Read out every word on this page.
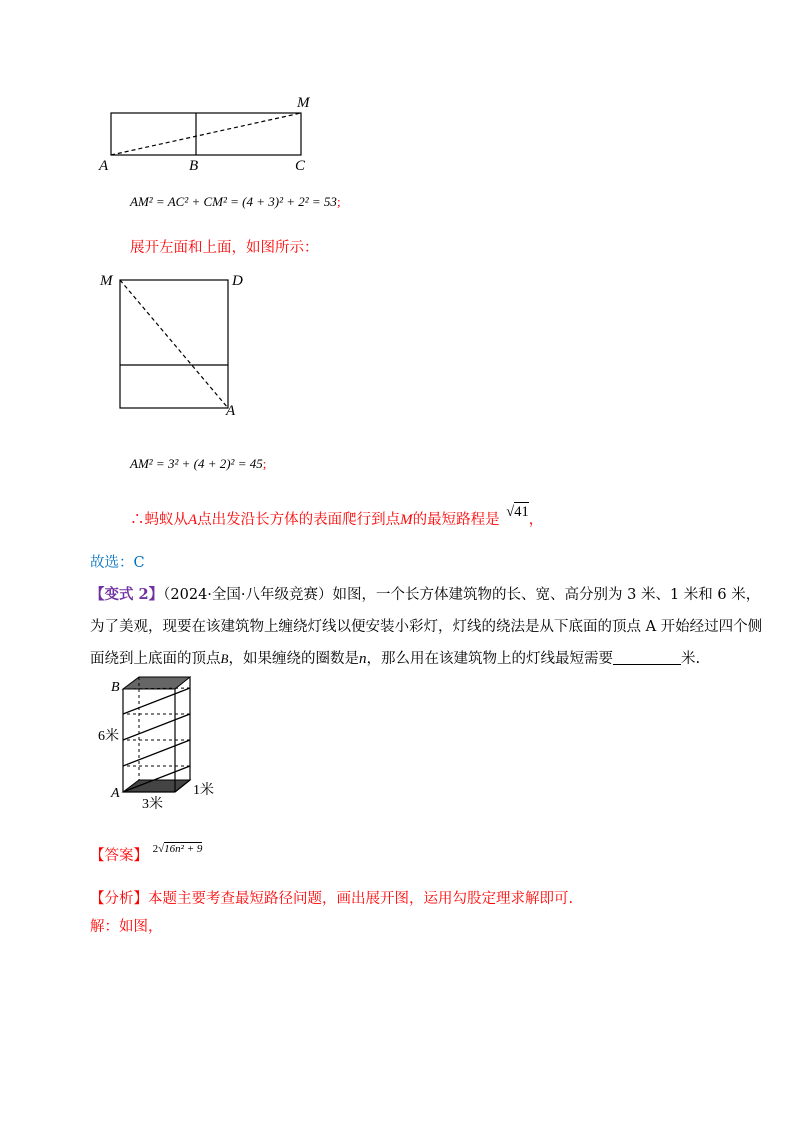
M
A	B	C
AM² = AC² + CM² = (4 + 3)² + 2² = 53;
展开左面和上面，如图所示：
M	D
A
AM² = 3² + (4 + 2)² = 45;
∴蚂蚁从A点出发沿长方体的表面爬行到点M的最短路程是 √41，
故选：C
【变式 2】（2024·全国·八年级竞赛）如图，一个长方体建筑物的长、宽、高分别为 3 米、1 米和 6 米，
为了美观，现要在该建筑物上缠绕灯线以便安装小彩灯，灯线的绕法是从下底面的顶点 A 开始经过四个侧
面绕到上底面的顶点B，如果缠绕的圈数是n，那么用在该建筑物上的灯线最短需要	米.
B
A
6米
3米
1米
【答案】 $^{2√16n^2 + 9}$
【分析】本题主要考查最短路径问题，画出展开图，运用勾股定理求解即可.
解：如图，
